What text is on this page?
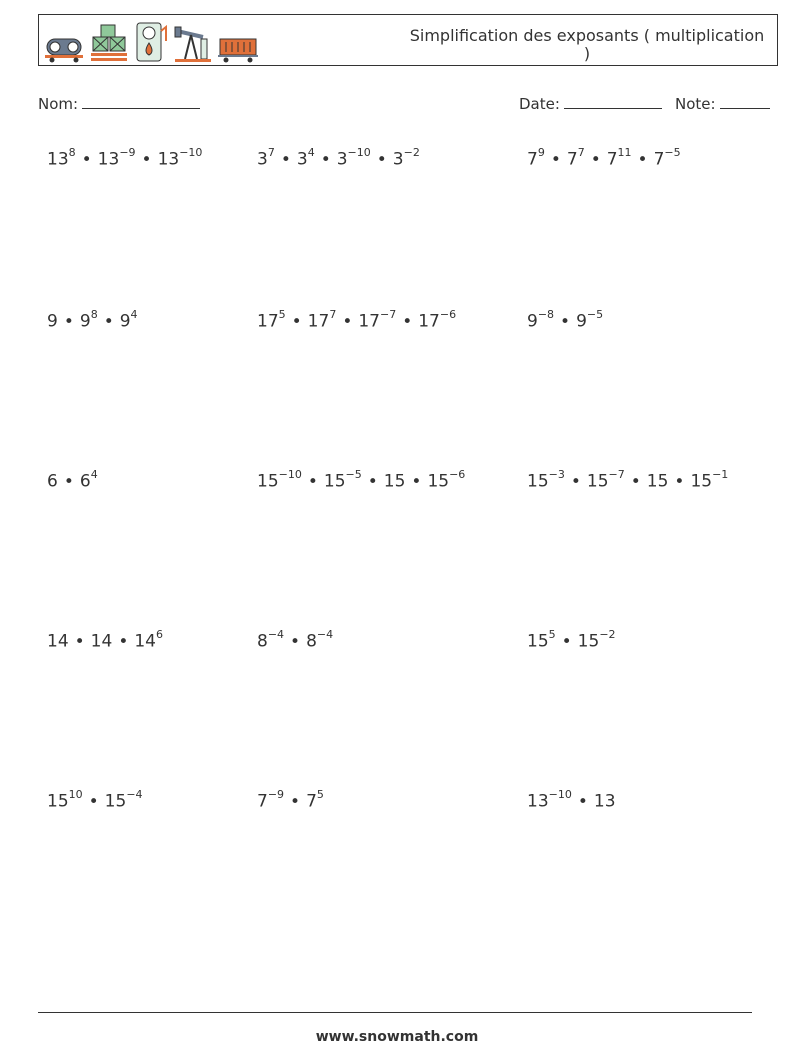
Simplification des exposants ( multiplication )
Nom:	Date:	Note:
$13^8$ • $13^{-9}$ • $13^{-10}$	$3^7$ • $3^4$ • $3^{-10}$ • $3^{-2}$	$7^9$ • $7^7$ • $7^{11}$ • $7^{-5}$
9 • $9^8$ • $9^4$	$17^5$ • $17^7$ • $17^{-7}$ • $17^{-6}$	$9^{-8}$ • $9^{-5}$
6 • $6^4$	$15^{-10}$ • $15^{-5}$ • 15 • $15^{-6}$	$15^{-3}$ • $15^{-7}$ • 15 • $15^{-1}$
14 • 14 • $14^6$	$8^{-4}$ • $8^{-4}$	$15^5$ • $15^{-2}$
$15^{10}$ • $15^{-4}$	$7^{-9}$ • $7^5$	$13^{-10}$ • 13
www.snowmath.com
